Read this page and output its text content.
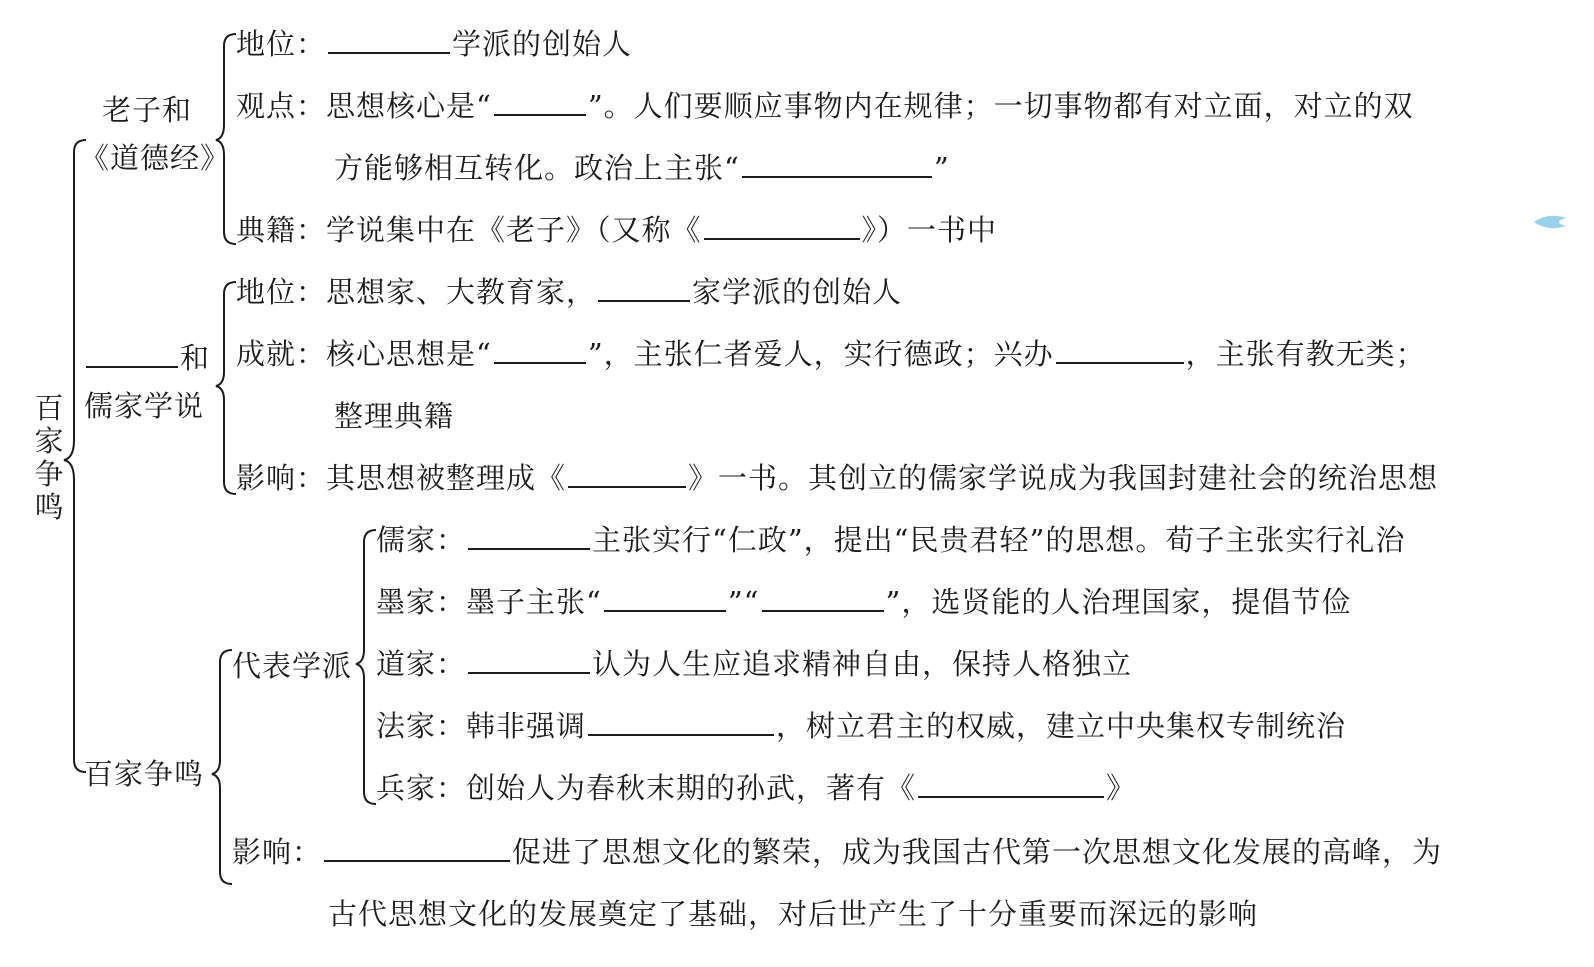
百
家
争
鸣
老子和
《道德经》
地位：	学派的创始人
观点：思想核心是“	”。人们要顺应事物内在规律；一切事物都有对立面，对立的双
方能够相互转化。政治上主张“	”
典籍：学说集中在《老子》（又称《	》）一书中
和
儒家学说
地位：思想家、大教育家，	家学派的创始人
成就：核心思想是“	”，主张仁者爱人，实行德政；兴办	，主张有教无类；
整理典籍
影响：其思想被整理成《	》一书。其创立的儒家学说成为我国封建社会的统治思想
代表学派
百家争鸣
儒家：	主张实行“仁政”，提出“民贵君轻”的思想。荀子主张实行礼治
墨家：墨子主张“	”“	”，选贤能的人治理国家，提倡节俭
道家：	认为人生应追求精神自由，保持人格独立
法家：韩非强调	，树立君主的权威，建立中央集权专制统治
兵家：创始人为春秋末期的孙武，著有《	》
影响：	促进了思想文化的繁荣，成为我国古代第一次思想文化发展的高峰，为
古代思想文化的发展奠定了基础，对后世产生了十分重要而深远的影响
